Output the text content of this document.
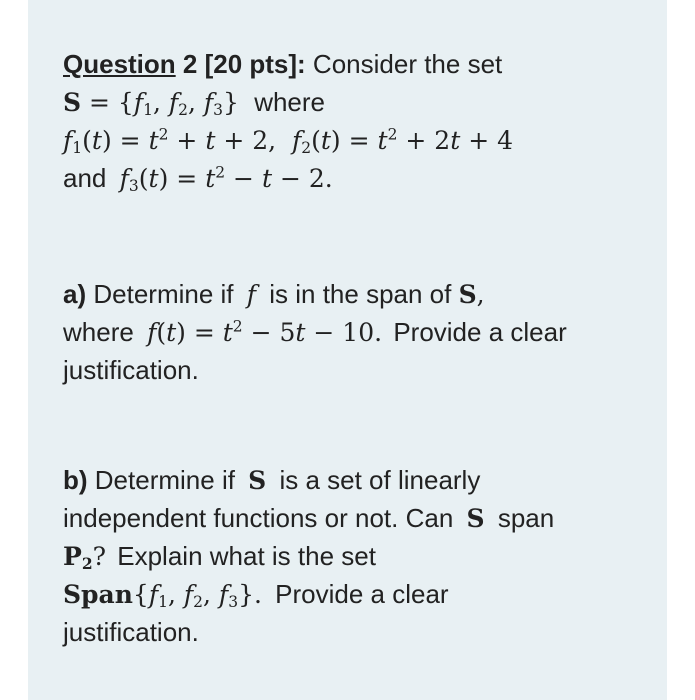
Question 2 [20 pts]: Consider the set
$S = \{f_1$, $f_2$, $f_3$} where
$f_1(t) = t^2 + t + 2$,  $f_2(t) = t^2 + 2t + 4$
and $f_3(t) = t^2 - t - 2$.
a) Determine if f is in the span of S,
where $f(t) = t^2 - 5t - 10$. Provide a clear
justification.
b) Determine if S is a set of linearly
independent functions or not. Can S span
$P_2$? Explain what is the set
$Span\{f_1$, $f_2$, $f_3$}. Provide a clear
justification.
